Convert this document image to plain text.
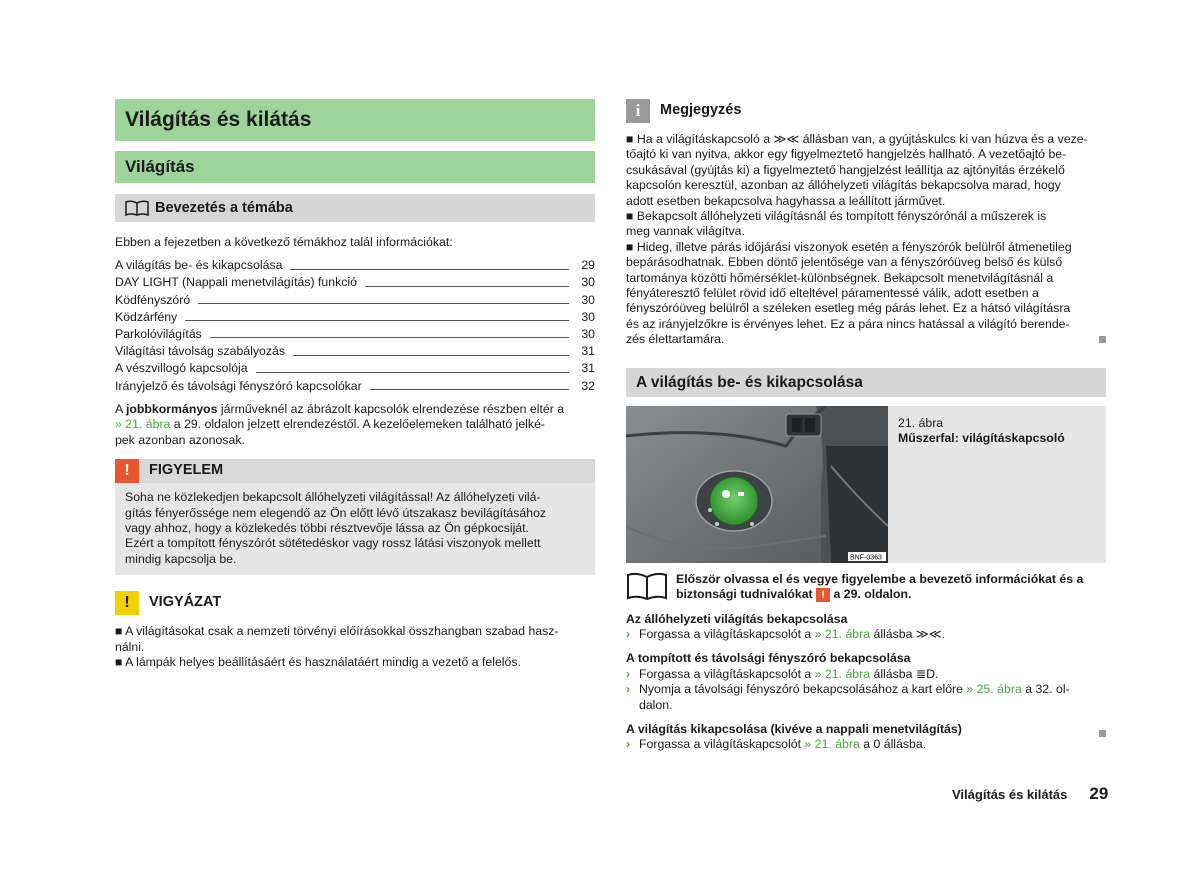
Világítás és kilátás
Világítás
Bevezetés a témába
Ebben a fejezetben a következő témákhoz talál információkat:
A világítás be- és kikapcsolása	29
DAY LIGHT (Nappali menetvilágítás) funkció	30
Ködfényszóró	30
Ködzárfény	30
Parkolóvilágítás	30
Világítási távolság szabályozás	31
A vészvillogó kapcsolója	31
Irányjelző és távolsági fényszóró kapcsolókar	32
A jobbkormányos járműveknél az ábrázolt kapcsolók elrendezése részben eltér a
» 21. ábra a 29. oldalon jelzett elrendezéstől. A kezelőelemeken található jelké-
pek azonban azonosak.
!	FIGYELEM
Soha ne közlekedjen bekapcsolt állóhelyzeti világítással! Az állóhelyzeti vilá-
gítás fényerőssége nem elegendő az Ön előtt lévő útszakasz bevilágításához
vagy ahhoz, hogy a közlekedés többi résztvevője lássa az Ön gépkocsiját.
Ezért a tompított fényszórót sötétedéskor vagy rossz látási viszonyok mellett
mindig kapcsolja be.
!	VIGYÁZAT
■ A világításokat csak a nemzeti törvényi előírásokkal összhangban szabad hasz-
nálni.
■ A lámpák helyes beállításáért és használatáért mindig a vezető a felelős.
i	Megjegyzés
■ Ha a világításkapcsoló a ≫≪ állásban van, a gyújtáskulcs ki van húzva és a veze-
tőajtó ki van nyitva, akkor egy figyelmeztető hangjelzés hallható. A vezetőajtó be-
csukásával (gyújtás ki) a figyelmeztető hangjelzést leállítja az ajtónyitás érzékelő
kapcsolón keresztül, azonban az állóhelyzeti világítás bekapcsolva marad, hogy
adott esetben bekapcsolva hagyhassa a leállított járművet.
■ Bekapcsolt állóhelyzeti világításnál és tompított fényszórónál a műszerek is
meg vannak világítva.
■ Hideg, illetve párás időjárási viszonyok esetén a fényszórók belülről átmenetileg
bepárásodhatnak. Ebben döntő jelentősége van a fényszóróüveg belső és külső
tartománya közötti hőmérséklet-különbségnek. Bekapcsolt menetvilágításnál a
fényáteresztő felület rövid idő elteltével páramentessé válik, adott esetben a
fényszóróüveg belülről a széleken esetleg még párás lehet. Ez a hátsó világításra
és az irányjelzőkre is érvényes lehet. Ez a pára nincs hatással a világító berende-
zés élettartamára.
A világítás be- és kikapcsolása
BNF-0363
21. ábra
Műszerfal: világításkapcsoló
Először olvassa el és vegye figyelembe a bevezető információkat és a
biztonsági tudnivalókat ! a 29. oldalon.
Az állóhelyzeti világítás bekapcsolása
› Forgassa a világításkapcsolót a » 21. ábra állásba ≫≪.
A tompított és távolsági fényszóró bekapcsolása
› Forgassa a világításkapcsolót a » 21. ábra állásba ≣D.
› Nyomja a távolsági fényszóró bekapcsolásához a kart előre » 25. ábra a 32. ol-
dalon.
A világítás kikapcsolása (kivéve a nappali menetvilágítás)
› Forgassa a világításkapcsolót » 21. ábra a 0 állásba.
Világítás és kilátás 29
